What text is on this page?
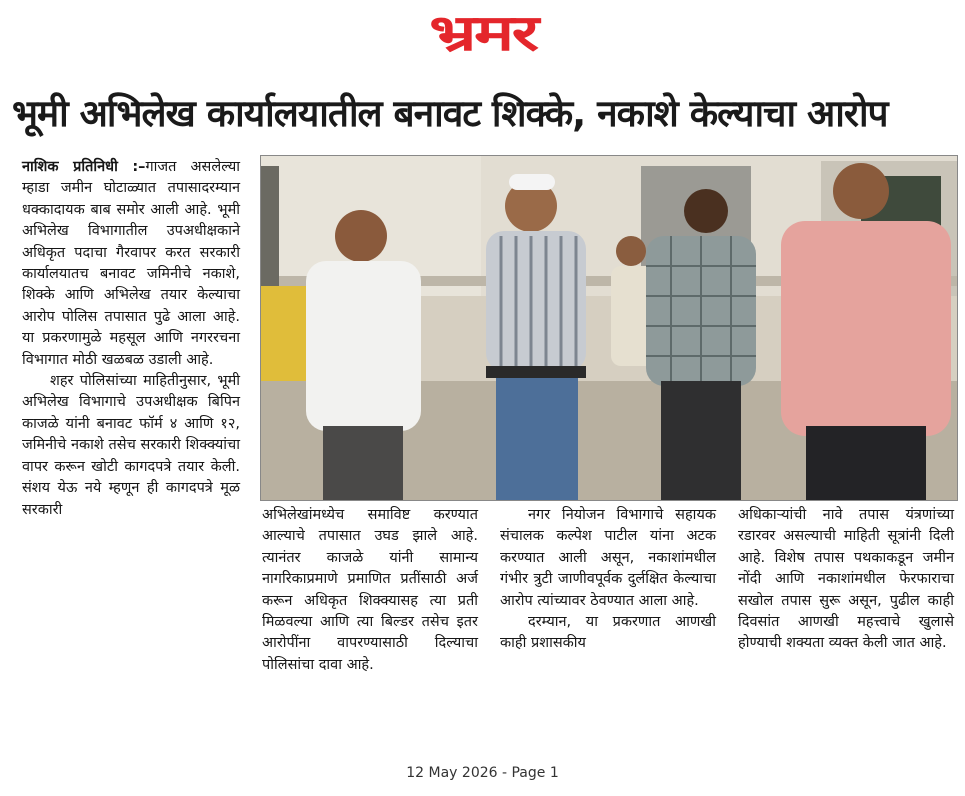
भ्रमर
भूमी अभिलेख कार्यालयातील बनावट शिक्के, नकाशे केल्याचा आरोप

नाशिक प्रतिनिधी :–गाजत असलेल्या म्हाडा जमीन घोटाळ्यात तपासादरम्यान धक्कादायक बाब समोर आली आहे. भूमी अभिलेख विभागातील उपअधीक्षकाने अधिकृत पदाचा गैरवापर करत सरकारी कार्यालयातच बनावट जमिनीचे नकाशे, शिक्के आणि अभिलेख तयार केल्याचा आरोप पोलिस तपासात पुढे आला आहे. या प्रकरणामुळे महसूल आणि नगररचना विभागात मोठी खळबळ उडाली आहे.

शहर पोलिसांच्या माहितीनुसार, भूमी अभिलेख विभागाचे उपअधीक्षक बिपिन काजळे यांनी बनावट फॉर्म ४ आणि १२, जमिनीचे नकाशे तसेच सरकारी शिक्क्यांचा वापर करून खोटी कागदपत्रे तयार केली. संशय येऊ नये म्हणून ही कागदपत्रे मूळ सरकारी	अभिलेखांमध्येच समाविष्ट करण्यात आल्याचे तपासात उघड झाले आहे. त्यानंतर काजळे यांनी सामान्य नागरिकाप्रमाणे प्रमाणित प्रतींसाठी अर्ज करून अधिकृत शिक्क्यासह त्या प्रती मिळवल्या आणि त्या बिल्डर तसेच इतर आरोपींना वापरण्यासाठी दिल्याचा पोलिसांचा दावा आहे.

नगर नियोजन विभागाचे सहायक संचालक कल्पेश पाटील यांना अटक करण्यात आली असून, नकाशांमधील गंभीर त्रुटी जाणीवपूर्वक दुर्लक्षित केल्याचा आरोप त्यांच्यावर ठेवण्यात आला आहे.

दरम्यान, या प्रकरणात आणखी काही प्रशासकीय

अधिकाऱ्यांची नावे तपास यंत्रणांच्या रडारवर असल्याची माहिती सूत्रांनी दिली आहे. विशेष तपास पथकाकडून जमीन नोंदी आणि नकाशांमधील फेरफाराचा सखोल तपास सुरू असून, पुढील काही दिवसांत आणखी महत्त्वाचे खुलासे होण्याची शक्यता व्यक्त केली जात आहे.

12 May 2026 - Page 1
